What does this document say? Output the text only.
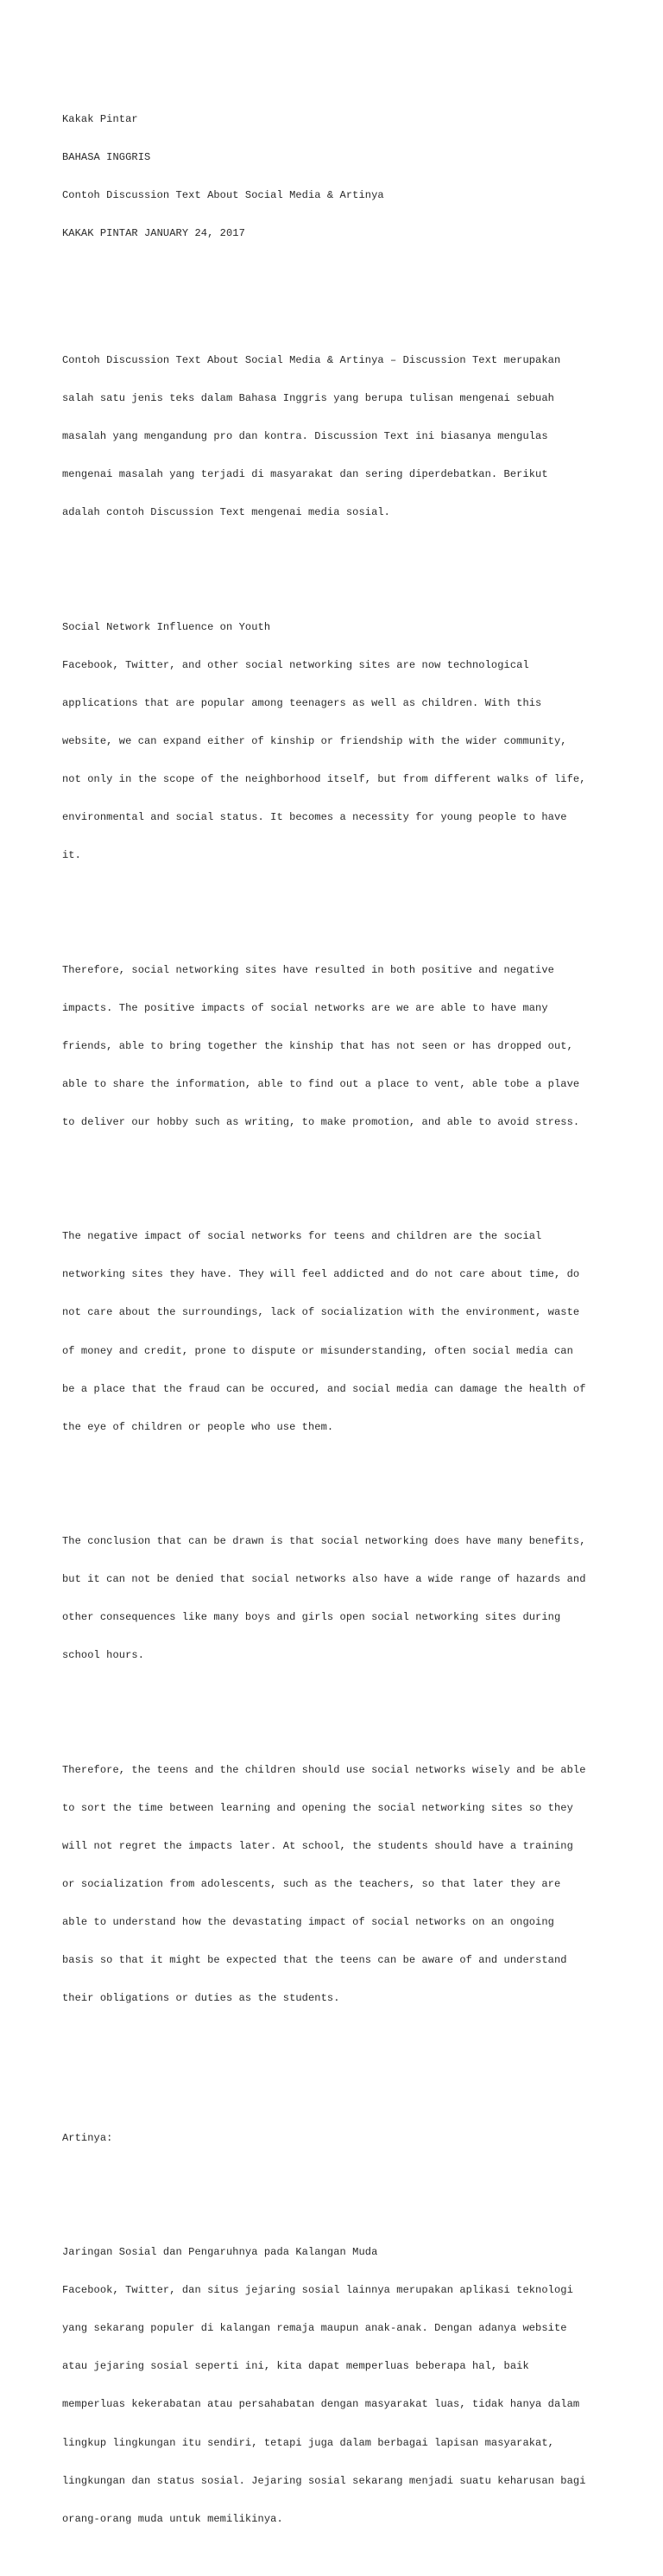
Kakak Pintar

BAHASA INGGRIS

Contoh Discussion Text About Social Media & Artinya

KAKAK PINTAR JANUARY 24, 2017

Contoh Discussion Text About Social Media & Artinya – Discussion Text merupakan

salah satu jenis teks dalam Bahasa Inggris yang berupa tulisan mengenai sebuah

masalah yang mengandung pro dan kontra. Discussion Text ini biasanya mengulas

mengenai masalah yang terjadi di masyarakat dan sering diperdebatkan. Berikut

adalah contoh Discussion Text mengenai media sosial.

Social Network Influence on Youth

Facebook, Twitter, and other social networking sites are now technological

applications that are popular among teenagers as well as children. With this

website, we can expand either of kinship or friendship with the wider community,

not only in the scope of the neighborhood itself, but from different walks of life,

environmental and social status. It becomes a necessity for young people to have

it.

Therefore, social networking sites have resulted in both positive and negative

impacts. The positive impacts of social networks are we are able to have many

friends, able to bring together the kinship that has not seen or has dropped out,

able to share the information, able to find out a place to vent, able tobe a plave

to deliver our hobby such as writing, to make promotion, and able to avoid stress.

The negative impact of social networks for teens and children are the social

networking sites they have. They will feel addicted and do not care about time, do

not care about the surroundings, lack of socialization with the environment, waste

of money and credit, prone to dispute or misunderstanding, often social media can

be a place that the fraud can be occured, and social media can damage the health of

the eye of children or people who use them.

The conclusion that can be drawn is that social networking does have many benefits,

but it can not be denied that social networks also have a wide range of hazards and

other consequences like many boys and girls open social networking sites during

school hours.

Therefore, the teens and the children should use social networks wisely and be able

to sort the time between learning and opening the social networking sites so they

will not regret the impacts later. At school, the students should have a training

or socialization from adolescents, such as the teachers, so that later they are

able to understand how the devastating impact of social networks on an ongoing

basis so that it might be expected that the teens can be aware of and understand

their obligations or duties as the students.

Artinya:

Jaringan Sosial dan Pengaruhnya pada Kalangan Muda

Facebook, Twitter, dan situs jejaring sosial lainnya merupakan aplikasi teknologi

yang sekarang populer di kalangan remaja maupun anak-anak. Dengan adanya website

atau jejaring sosial seperti ini, kita dapat memperluas beberapa hal, baik

memperluas kekerabatan atau persahabatan dengan masyarakat luas, tidak hanya dalam

lingkup lingkungan itu sendiri, tetapi juga dalam berbagai lapisan masyarakat,

lingkungan dan status sosial. Jejaring sosial sekarang menjadi suatu keharusan bagi

orang-orang muda untuk memilikinya.
